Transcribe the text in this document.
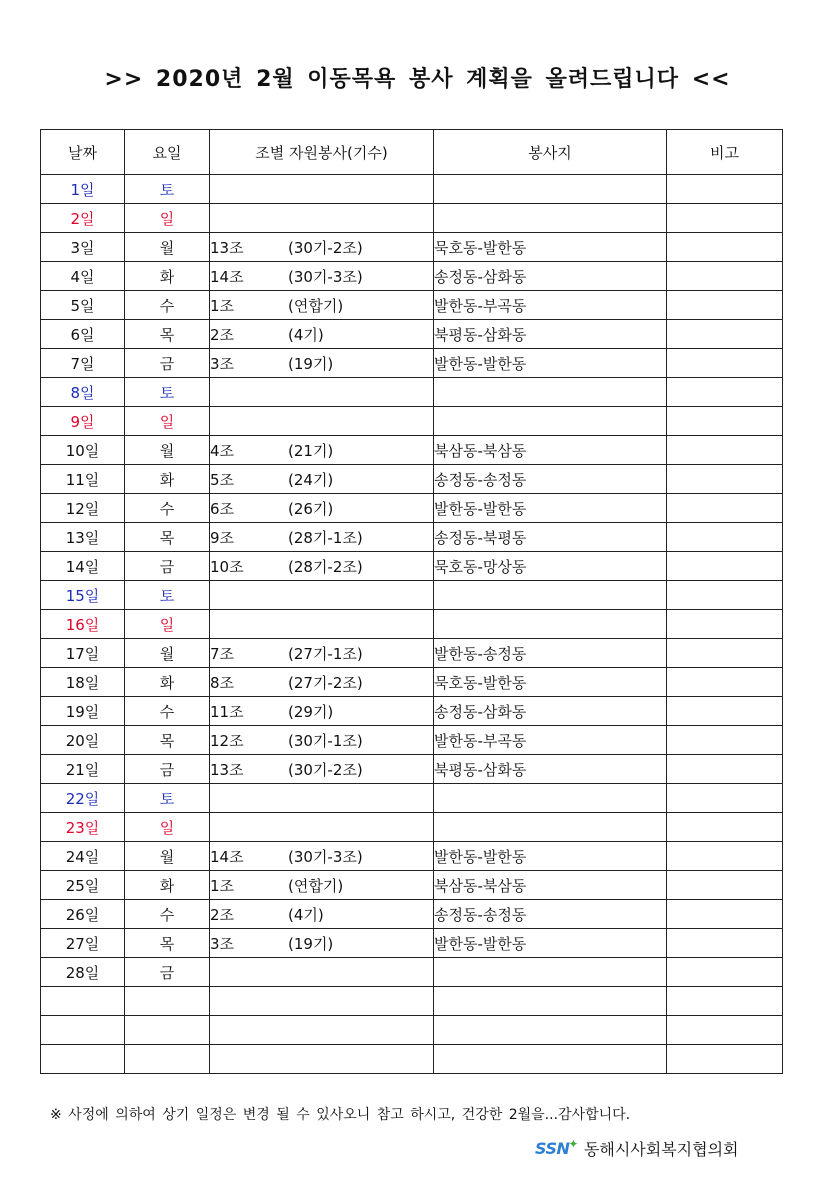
>> 2020년 2월 이동목욕 봉사 계획을 올려드립니다 <<
날짜	요일	조별 자원봉사(기수)	봉사지	비고
1일	토			
2일	일			
3일	월	13조 (30기-2조)	묵호동-발한동	
4일	화	14조 (30기-3조)	송정동-삼화동	
5일	수	1조 (연합기)	발한동-부곡동	
6일	목	2조 (4기)	북평동-삼화동	
7일	금	3조 (19기)	발한동-발한동	
8일	토			
9일	일			
10일	월	4조 (21기)	북삼동-북삼동	
11일	화	5조 (24기)	송정동-송정동	
12일	수	6조 (26기)	발한동-발한동	
13일	목	9조 (28기-1조)	송정동-북평동	
14일	금	10조 (28기-2조)	묵호동-망상동	
15일	토			
16일	일			
17일	월	7조 (27기-1조)	발한동-송정동	
18일	화	8조 (27기-2조)	묵호동-발한동	
19일	수	11조 (29기)	송정동-삼화동	
20일	목	12조 (30기-1조)	발한동-부곡동	
21일	금	13조 (30기-2조)	북평동-삼화동	
22일	토			
23일	일			
24일	월	14조 (30기-3조)	발한동-발한동	
25일	화	1조 (연합기)	북삼동-북삼동	
26일	수	2조 (4기)	송정동-송정동	
27일	목	3조 (19기)	발한동-발한동	
28일	금			

※ 사정에 의하여 상기 일정은 변경 될 수 있사오니 참고 하시고, 건강한 2월을...감사합니다.
SSN ✦ 동해시사회복지협의회
